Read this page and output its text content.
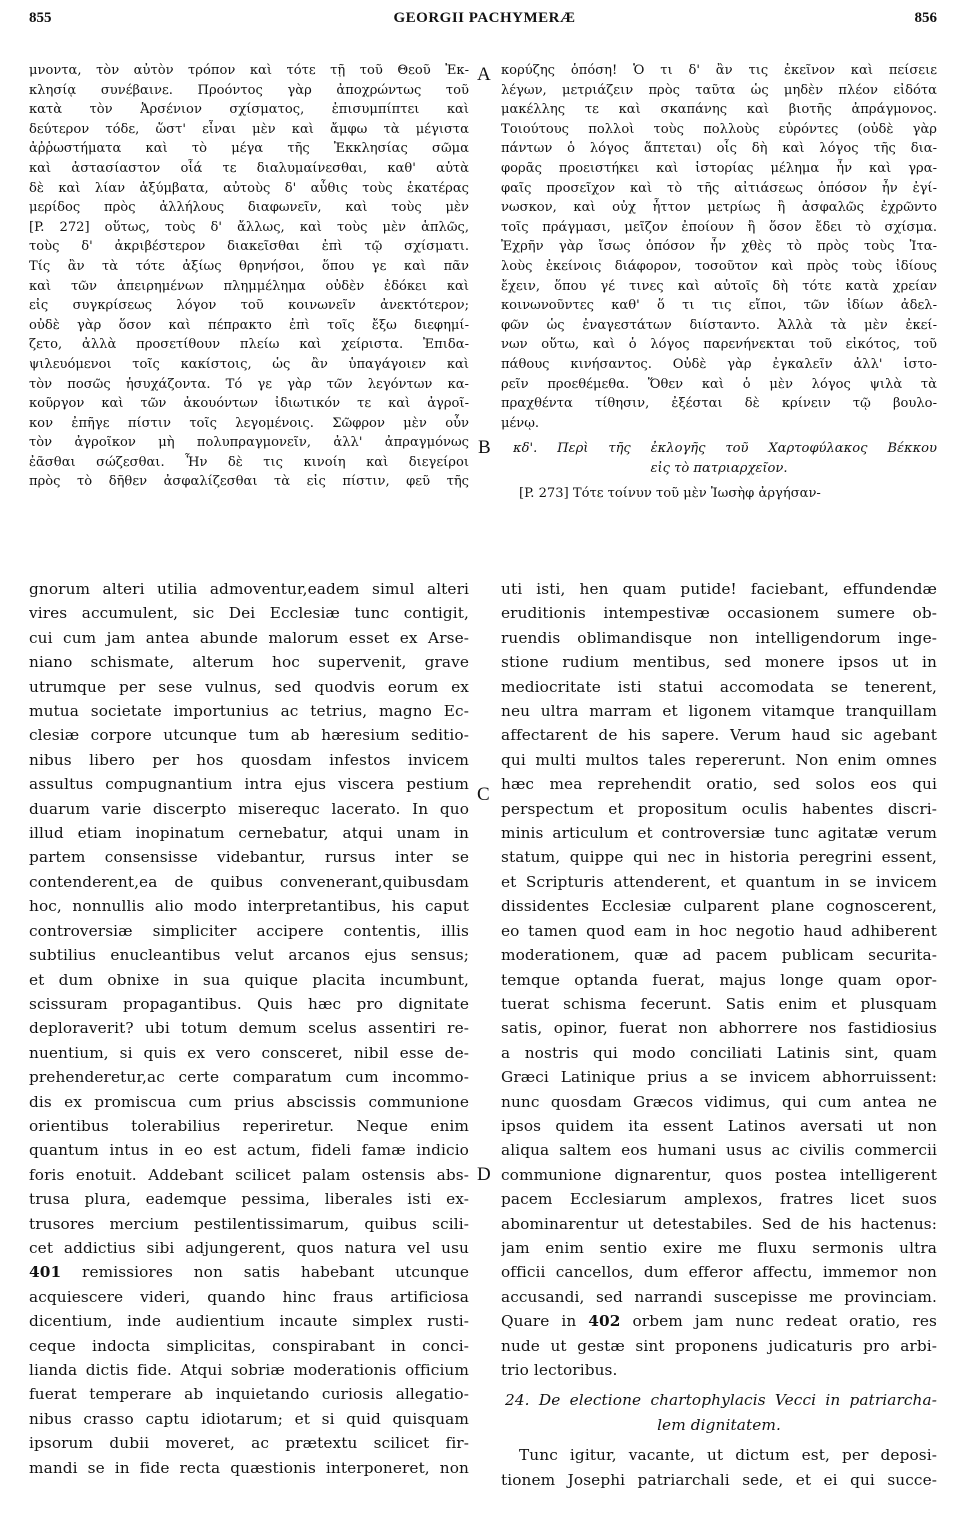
855	GEORGII PACHYMERÆ	856
A
B
C
D
μνοντα, τὸν αὐτὸν τρόπον καὶ τότε τῇ τοῦ Θεοῦ Ἐκ-
κλησίᾳ συνέβαινε. Προόντος γὰρ ἀποχρώντως τοῦ
κατὰ τὸν Ἀρσένιον σχίσματος, ἐπισυμπίπτει καὶ
δεύτερον τόδε, ὥστ' εἶναι μὲν καὶ ἄμφω τὰ μέγιστα
ἀῤῥωστήματα καὶ τὸ μέγα τῆς Ἐκκλησίας σῶμα
καὶ ἀστασίαστον οἷά τε διαλυμαίνεσθαι, καθ' αὑτὰ
δὲ καὶ λίαν ἀξύμβατα, αὐτοὺς δ' αὖθις τοὺς ἑκατέρας
μερίδος πρὸς ἀλλήλους διαφωνεῖν, καὶ τοὺς μὲν
[P. 272] οὕτως, τοὺς δ' ἄλλως, καὶ τοὺς μὲν ἁπλῶς,
τοὺς δ' ἀκριβέστερον διακεῖσθαι ἐπὶ τῷ σχίσματι.
Τίς ἂν τὰ τότε ἀξίως θρηνήσοι, ὅπου γε καὶ πᾶν
καὶ τῶν ἀπειρημένων πλημμέλημα οὐδὲν ἐδόκει καὶ
εἰς συγκρίσεως λόγον τοῦ κοινωνεῖν ἀνεκτότερον;
οὐδὲ γὰρ ὅσον καὶ πέπρακτο ἐπὶ τοῖς ἔξω διεφημί-
ζετο, ἀλλὰ προσετίθουν πλείω καὶ χείριστα. Ἐπιδα-
ψιλευόμενοι τοῖς κακίστοις, ὡς ἂν ὑπαγάγοιεν καὶ
τὸν ποσῶς ἡσυχάζοντα. Τό γε γὰρ τῶν λεγόντων κα-
κοῦργον καὶ τῶν ἀκουόντων ἰδιωτικόν τε καὶ ἀγροῖ-
κον ἐπῆγε πίστιν τοῖς λεγομένοις. Σῶφρον μὲν οὖν
τὸν ἀγροῖκον μὴ πολυπραγμονεῖν, ἀλλ' ἀπραγμόνως
ἐᾶσθαι σώζεσθαι. Ἦν δὲ τις κινοίη καὶ διεγείροι
πρὸς τὸ δῆθεν ἀσφαλίζεσθαι τὰ εἰς πίστιν, φεῦ τῆς
κορύζης ὁπόση! Ὁ τι δ' ἂν τις ἐκεῖνον καὶ πείσειε
λέγων, μετριάζειν πρὸς ταῦτα ὡς μηδὲν πλέον εἰδότα
μακέλλης τε καὶ σκαπάνης καὶ βιοτῆς ἀπράγμονος.
Τοιούτους πολλοὶ τοὺς πολλοὺς εὑρόντες (οὐδὲ γὰρ
πάντων ὁ λόγος ἅπτεται) οἷς δὴ καὶ λόγος τῆς δια-
φορᾶς προειστήκει καὶ ἱστορίας μέλημα ἦν καὶ γρα-
φαῖς προσεῖχον καὶ τὸ τῆς αἰτιάσεως ὁπόσον ἦν ἐγί-
νωσκον, καὶ οὐχ ἧττον μετρίως ἢ ἀσφαλῶς ἐχρῶντο
τοῖς πράγμασι, μεῖζον ἐποίουν ἢ ὅσον ἔδει τὸ σχίσμα.
Ἐχρῆν γὰρ ἴσως ὁπόσον ἦν χθὲς τὸ πρὸς τοὺς Ἰτα-
λοὺς ἐκείνοις διάφορον, τοσοῦτον καὶ πρὸς τοὺς ἰδίους
ἔχειν, ὅπου γέ τινες καὶ αὐτοῖς δὴ τότε κατὰ χρείαν
κοινωνοῦντες καθ' ὅ τι τις εἴποι, τῶν ἰδίων ἀδελ-
φῶν ὡς ἐναγεστάτων διίσταντο. Ἀλλὰ τὰ μὲν ἐκεί-
νων οὕτω, καὶ ὁ λόγος παρενήνεκται τοῦ εἰκότος, τοῦ
πάθους κινήσαντος. Οὐδὲ γὰρ ἐγκαλεῖν ἀλλ' ἱστο-
ρεῖν προεθέμεθα. Ὅθεν καὶ ὁ μὲν λόγος ψιλὰ τὰ
πραχθέντα τίθησιν, ἐξέσται δὲ κρίνειν τῷ βουλο-
μένῳ.
κδ'. Περὶ τῆς ἐκλογῆς τοῦ Χαρτοφύλακος Βέκκου
εἰς τὸ πατριαρχεῖον.
[P. 273] Τότε τοίνυν τοῦ μὲν Ἰωσὴφ ἀργήσαν-
gnorum alteri utilia admoventur,eadem simul alteri
vires accumulent, sic Dei Ecclesiæ tunc contigit,
cui cum jam antea abunde malorum esset ex Arse-
niano schismate, alterum hoc supervenit, grave
utrumque per sese vulnus, sed quodvis eorum ex
mutua societate importunius ac tetrius, magno Ec-
clesiæ corpore utcunque tum ab hæresium seditio-
nibus libero per hos quosdam infestos invicem
assultus compugnantium intra ejus viscera pestium
duarum varie discerpto miserequc lacerato. In quo
illud etiam inopinatum cernebatur, atqui unam in
partem consensisse videbantur, rursus inter se
contenderent,ea de quibus convenerant,quibusdam
hoc, nonnullis alio modo interpretantibus, his caput
controversiæ simpliciter accipere contentis, illis
subtilius enucleantibus velut arcanos ejus sensus;
et dum obnixe in sua quique placita incumbunt,
scissuram propagantibus. Quis hæc pro dignitate
deploraverit? ubi totum demum scelus assentiri re-
nuentium, si quis ex vero consceret, nibil esse de-
prehenderetur,ac certe comparatum cum incommo-
dis ex promiscua cum prius abscissis communione
orientibus tolerabilius reperiretur. Neque enim
quantum intus in eo est actum, fideli famæ indicio
foris enotuit. Addebant scilicet palam ostensis abs-
trusa plura, eademque pessima, liberales isti ex-
trusores mercium pestilentissimarum, quibus scili-
cet addictius sibi adjungerent, quos natura vel usu
401 remissiores non satis habebant utcunque
acquiescere videri, quando hinc fraus artificiosa
dicentium, inde audientium incaute simplex rusti-
ceque indocta simplicitas, conspirabant in conci-
lianda dictis fide. Atqui sobriæ moderationis officium
fuerat temperare ab inquietando curiosis allegatio-
nibus crasso captu idiotarum; et si quid quisquam
ipsorum dubii moveret, ac prætextu scilicet fir-
mandi se in fide recta quæstionis interponeret, non
uti isti, hen quam putide! faciebant, effundendæ
eruditionis intempestivæ occasionem sumere ob-
ruendis oblimandisque non intelligendorum inge-
stione rudium mentibus, sed monere ipsos ut in
mediocritate isti statui accomodata se tenerent,
neu ultra marram et ligonem vitamque tranquillam
affectarent de his sapere. Verum haud sic agebant
qui multi multos tales repererunt. Non enim omnes
hæc mea reprehendit oratio, sed solos eos qui
perspectum et propositum oculis habentes discri-
minis articulum et controversiæ tunc agitatæ verum
statum, quippe qui nec in historia peregrini essent,
et Scripturis attenderent, et quantum in se invicem
dissidentes Ecclesiæ culparent plane cognoscerent,
eo tamen quod eam in hoc negotio haud adhiberent
moderationem, quæ ad pacem publicam securita-
temque optanda fuerat, majus longe quam opor-
tuerat schisma fecerunt. Satis enim et plusquam
satis, opinor, fuerat non abhorrere nos fastidiosius
a nostris qui modo conciliati Latinis sint, quam
Græci Latinique prius a se invicem abhorruissent:
nunc quosdam Græcos vidimus, qui cum antea ne
ipsos quidem ita essent Latinos aversati ut non
aliqua saltem eos humani usus ac civilis commercii
communione dignarentur, quos postea intelligerent
pacem Ecclesiarum amplexos, fratres licet suos
abominarentur ut detestabiles. Sed de his hactenus:
jam enim sentio exire me fluxu sermonis ultra
officii cancellos, dum efferor affectu, immemor non
accusandi, sed narrandi suscepisse me provinciam.
Quare in 402 orbem jam nunc redeat oratio, res
nude ut gestæ sint proponens judicaturis pro arbi-
trio lectoribus.
24. De electione chartophylacis Vecci in patriarcha-
lem dignitatem.
Tunc igitur, vacante, ut dictum est, per deposi-
tionem Josephi patriarchali sede, et ei qui succe-
